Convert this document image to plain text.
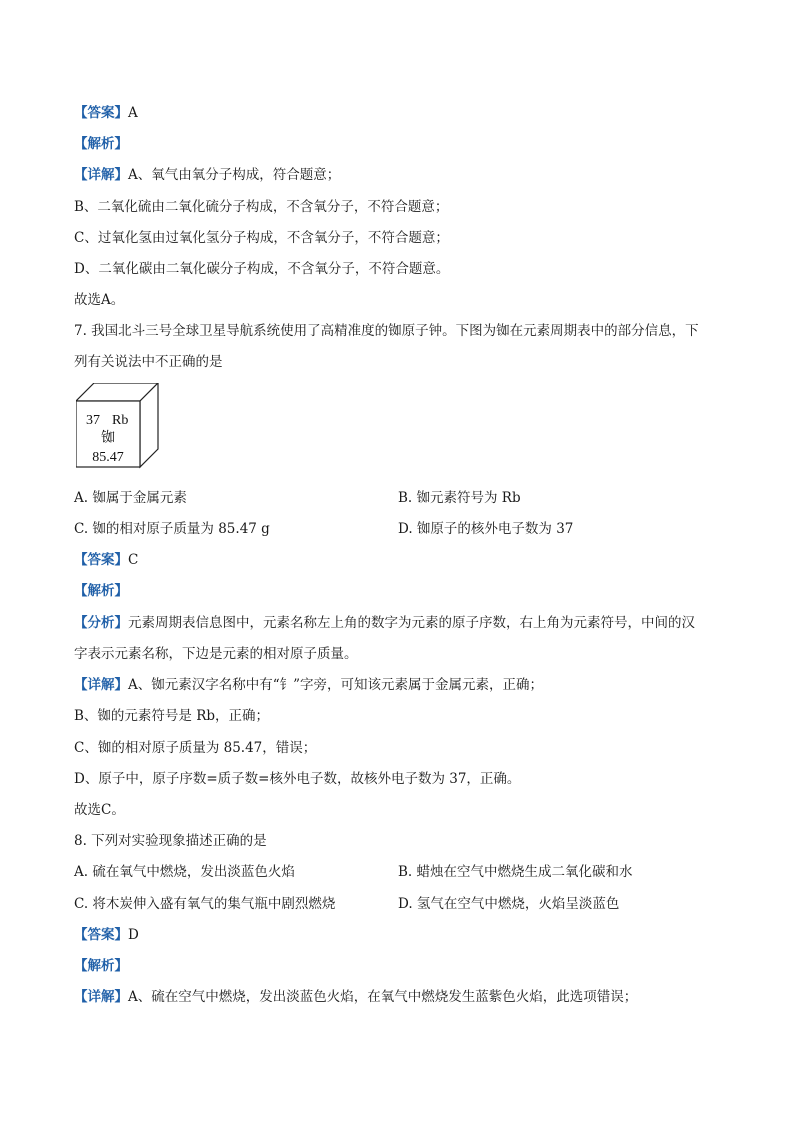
【答案】A
【解析】
【详解】A、氧气由氧分子构成，符合题意；
B、二氧化硫由二氧化硫分子构成，不含氧分子，不符合题意；
C、过氧化氢由过氧化氢分子构成，不含氧分子，不符合题意；
D、二氧化碳由二氧化碳分子构成，不含氧分子，不符合题意。
故选A。
7. 我国北斗三号全球卫星导航系统使用了高精准度的铷原子钟。下图为铷在元素周期表中的部分信息，下
列有关说法中不正确的是
37 Rb
铷
85.47
A. 铷属于金属元素	B. 铷元素符号为 Rb
C. 铷的相对原子质量为 85.47 g	D. 铷原子的核外电子数为 37
【答案】C
【解析】
【分析】元素周期表信息图中，元素名称左上角的数字为元素的原子序数，右上角为元素符号，中间的汉
字表示元素名称，下边是元素的相对原子质量。
【详解】A、铷元素汉字名称中有“钅”字旁，可知该元素属于金属元素，正确；
B、铷的元素符号是 Rb，正确；
C、铷的相对原子质量为 85.47，错误；
D、原子中，原子序数=质子数=核外电子数，故核外电子数为 37，正确。
故选C。
8. 下列对实验现象描述正确的是
A. 硫在氧气中燃烧，发出淡蓝色火焰	B. 蜡烛在空气中燃烧生成二氧化碳和水
C. 将木炭伸入盛有氧气的集气瓶中剧烈燃烧	D. 氢气在空气中燃烧，火焰呈淡蓝色
【答案】D
【解析】
【详解】A、硫在空气中燃烧，发出淡蓝色火焰，在氧气中燃烧发生蓝紫色火焰，此选项错误；
